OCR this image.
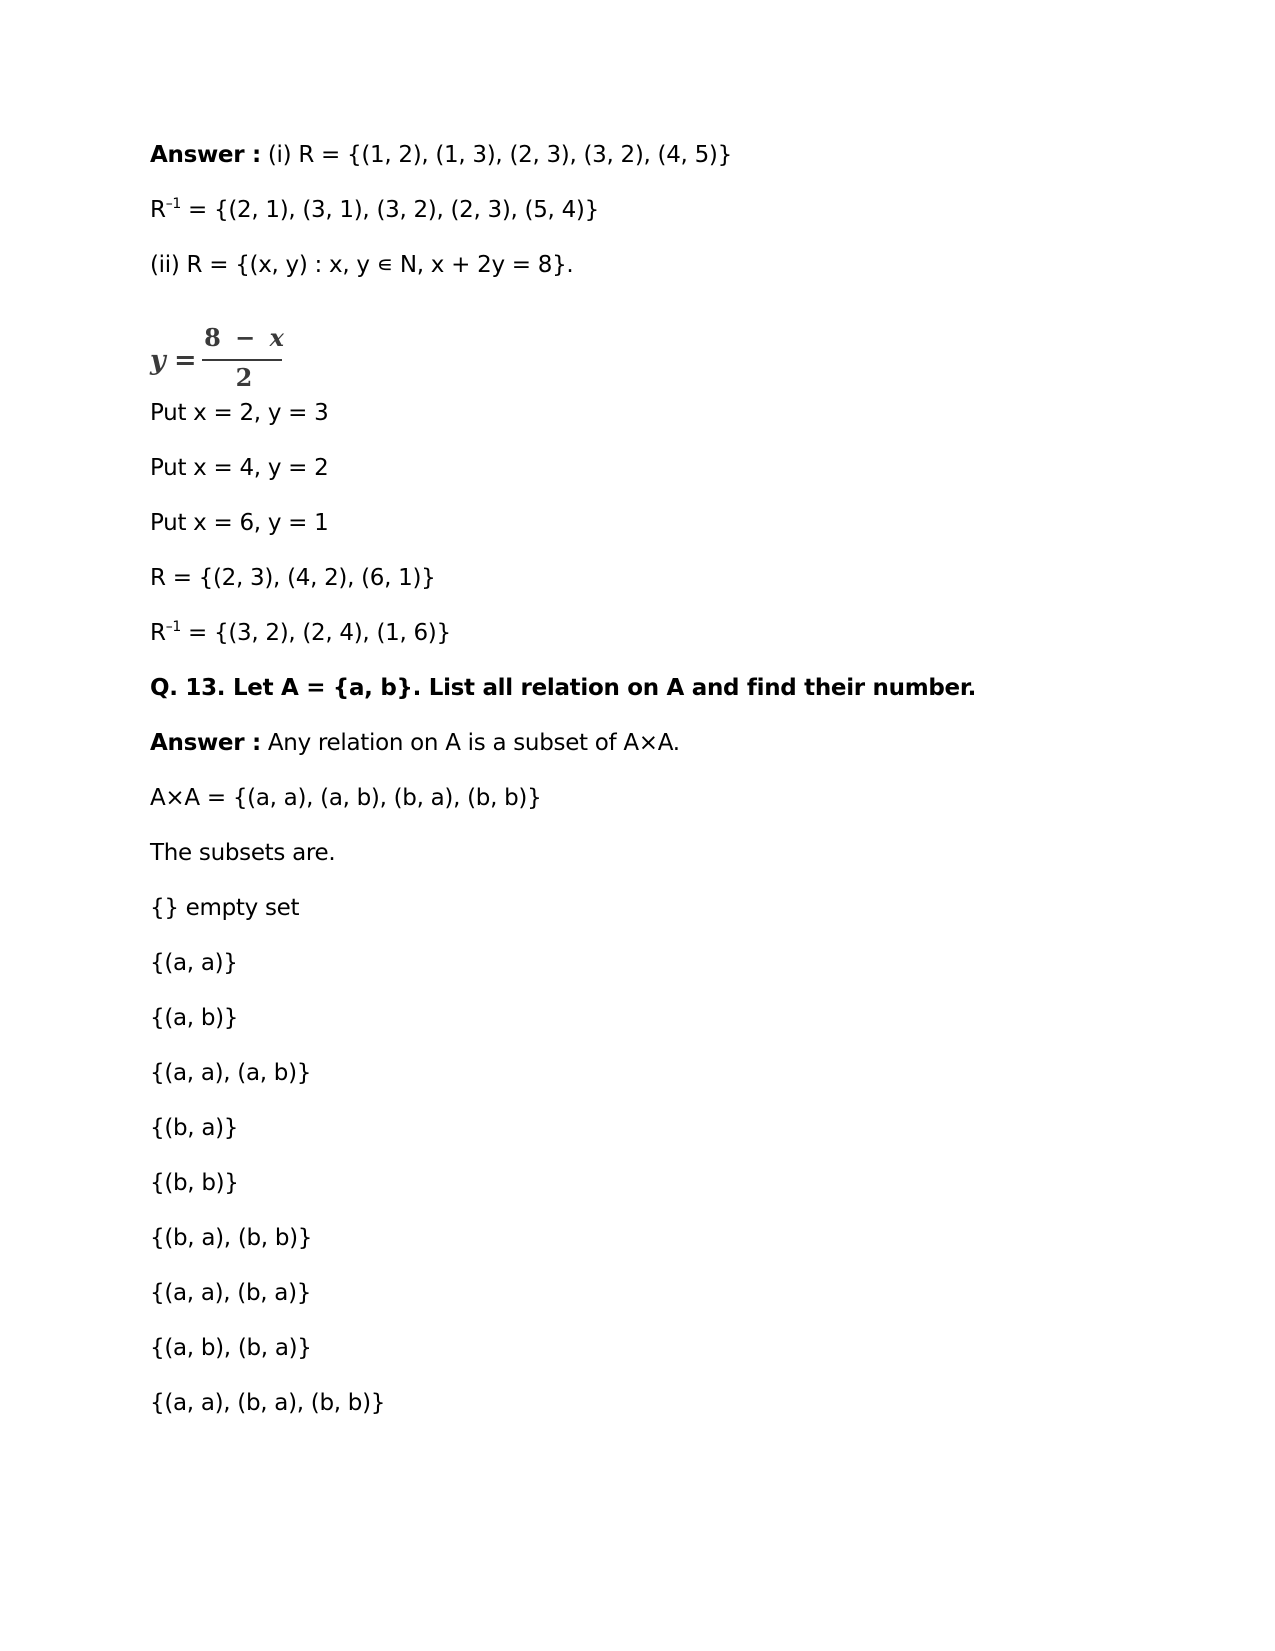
Answer : (i) R = {(1, 2), (1, 3), (2, 3), (3, 2), (4, 5)}
$R^{-1} = \{(2$, 1), (3, 1), (3, 2), (2, 3), (5, 4)}
(ii) R = {(x, y) : x, y ∊ N, x + 2y = 8}.
y =
8 − x
2
Put x = 2, y = 3
Put x = 4, y = 2
Put x = 6, y = 1
R = {(2, 3), (4, 2), (6, 1)}
$R^{-1} = \{(3$, 2), (2, 4), (1, 6)}
Q. 13. Let A = {a, b}. List all relation on A and find their number.
Answer : Any relation on A is a subset of A×A.
A×A = {(a, a), (a, b), (b, a), (b, b)}
The subsets are.
{} empty set
{(a, a)}
{(a, b)}
{(a, a), (a, b)}
{(b, a)}
{(b, b)}
{(b, a), (b, b)}
{(a, a), (b, a)}
{(a, b), (b, a)}
{(a, a), (b, a), (b, b)}
